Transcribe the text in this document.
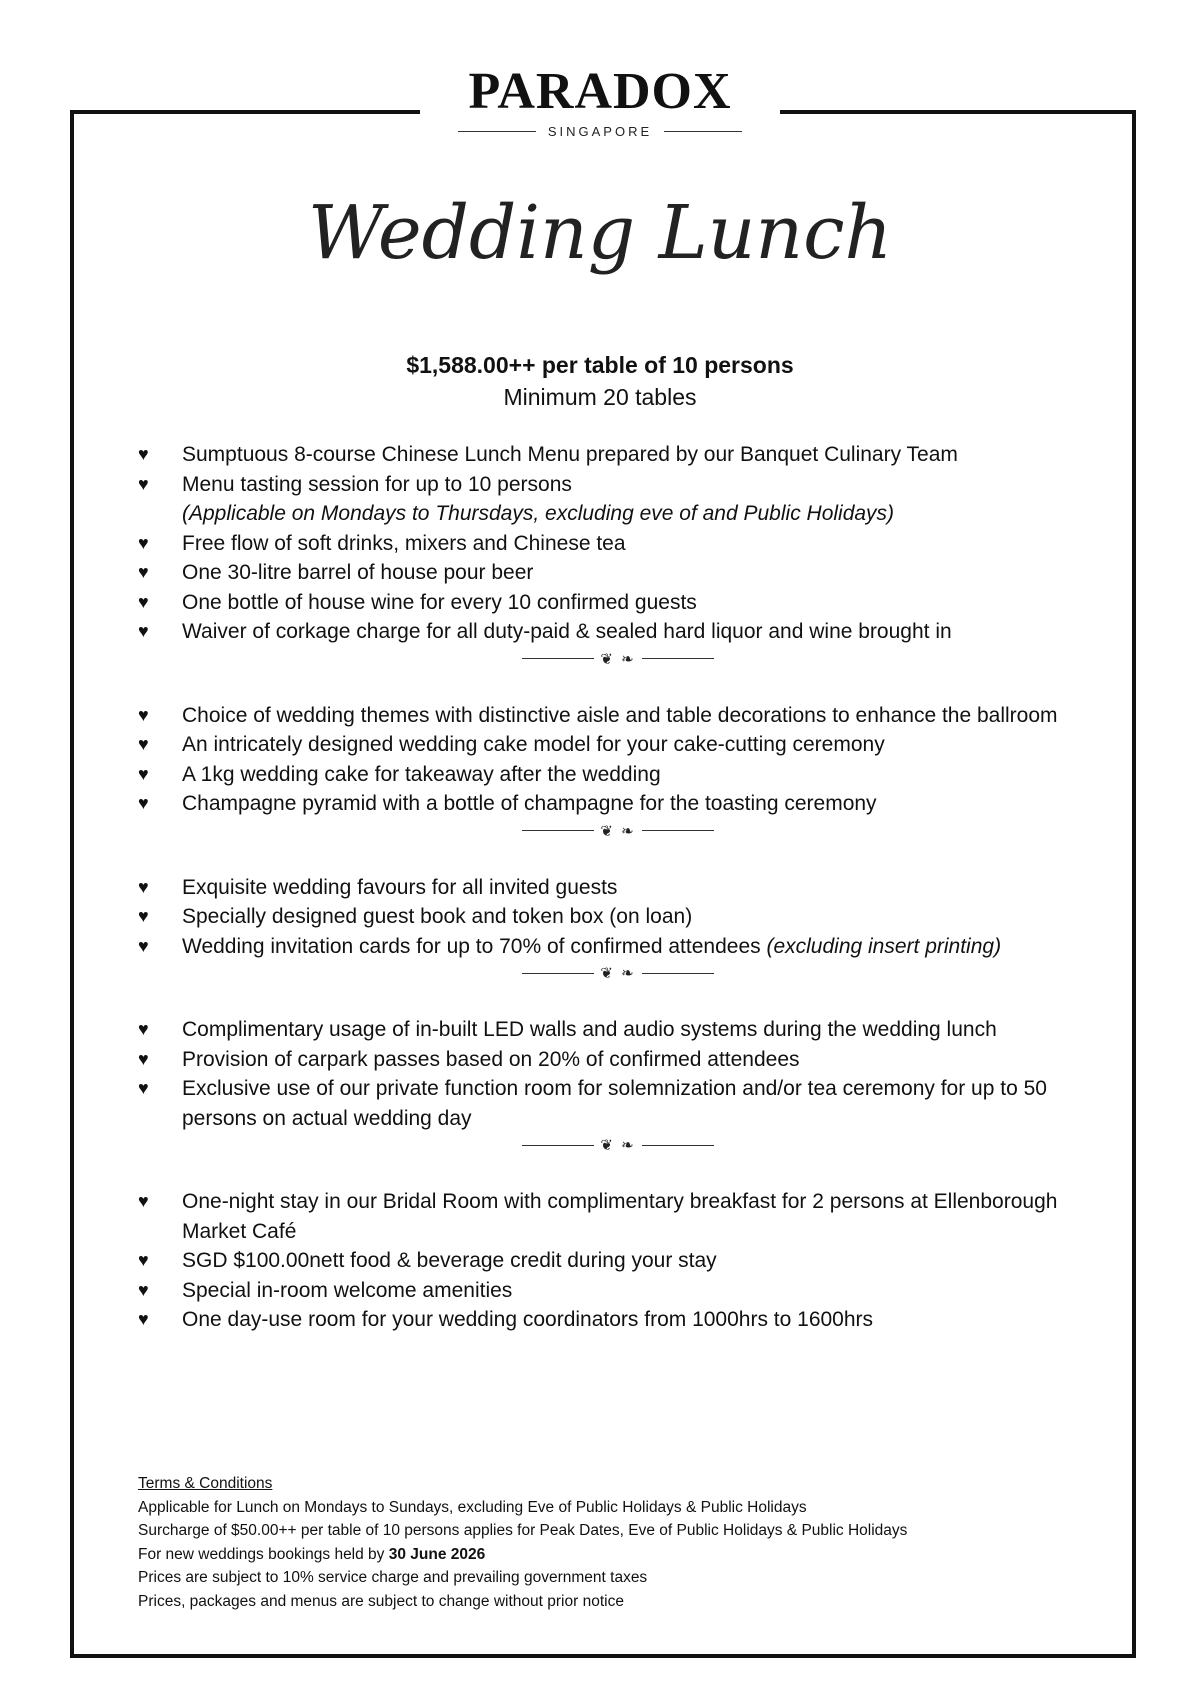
PARADOX
SINGAPORE
Wedding Lunch
$1,588.00++ per table of 10 persons
Minimum 20 tables
♥ Sumptuous 8-course Chinese Lunch Menu prepared by our Banquet Culinary Team
♥ Menu tasting session for up to 10 persons
(Applicable on Mondays to Thursdays, excluding eve of and Public Holidays)
♥ Free flow of soft drinks, mixers and Chinese tea
♥ One 30-litre barrel of house pour beer
♥ One bottle of house wine for every 10 confirmed guests
♥ Waiver of corkage charge for all duty-paid & sealed hard liquor and wine brought in
❦ ❧
♥ Choice of wedding themes with distinctive aisle and table decorations to enhance the ballroom
♥ An intricately designed wedding cake model for your cake-cutting ceremony
♥ A 1kg wedding cake for takeaway after the wedding
♥ Champagne pyramid with a bottle of champagne for the toasting ceremony
❦ ❧
♥ Exquisite wedding favours for all invited guests
♥ Specially designed guest book and token box (on loan)
♥ Wedding invitation cards for up to 70% of confirmed attendees (excluding insert printing)
❦ ❧
♥ Complimentary usage of in-built LED walls and audio systems during the wedding lunch
♥ Provision of carpark passes based on 20% of confirmed attendees
♥ Exclusive use of our private function room for solemnization and/or tea ceremony for up to 50 persons on actual wedding day
❦ ❧
♥ One-night stay in our Bridal Room with complimentary breakfast for 2 persons at Ellenborough Market Café
♥ SGD $100.00nett food & beverage credit during your stay
♥ Special in-room welcome amenities
♥ One day-use room for your wedding coordinators from 1000hrs to 1600hrs
Terms & Conditions
Applicable for Lunch on Mondays to Sundays, excluding Eve of Public Holidays & Public Holidays
Surcharge of $50.00++ per table of 10 persons applies for Peak Dates, Eve of Public Holidays & Public Holidays
For new weddings bookings held by 30 June 2026
Prices are subject to 10% service charge and prevailing government taxes
Prices, packages and menus are subject to change without prior notice
